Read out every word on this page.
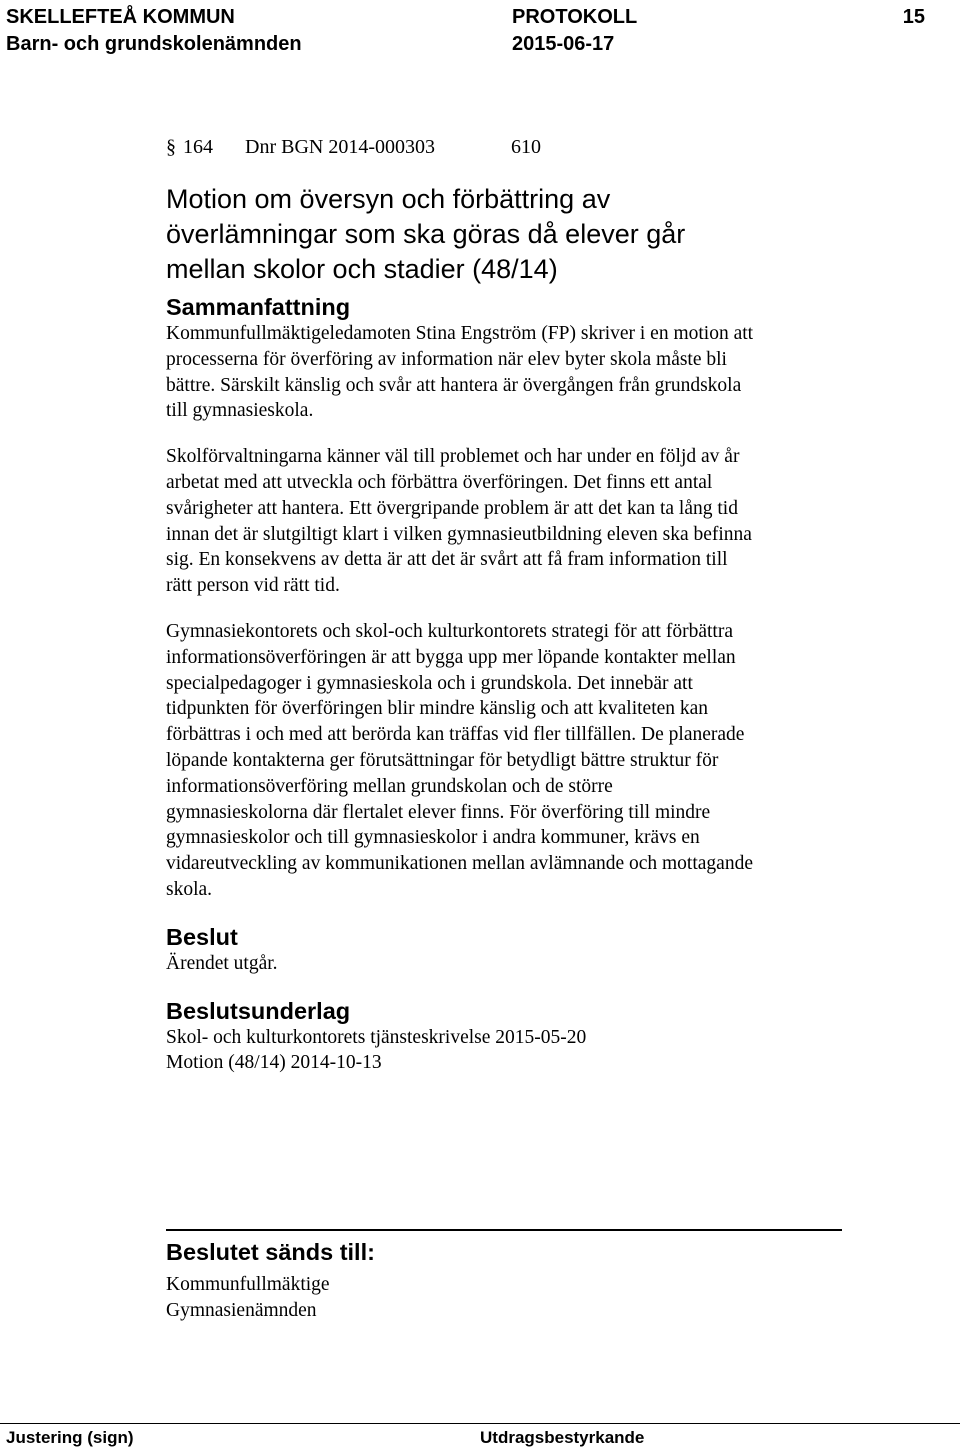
SKELLEFTEÅ KOMMUN
Barn- och grundskolenämnden
PROTOKOLL
2015-06-17
15
§ 164	Dnr BGN 2014-000303	610

Motion om översyn och förbättring av

överlämningar som ska göras då elever går

mellan skolor och stadier (48/14)

Sammanfattning

Kommunfullmäktigeledamoten Stina Engström (FP) skriver i en motion att

processerna för överföring av information när elev byter skola måste bli

bättre. Särskilt känslig och svår att hantera är övergången från grundskola

till gymnasieskola.

Skolförvaltningarna känner väl till problemet och har under en följd av år

arbetat med att utveckla och förbättra överföringen. Det finns ett antal

svårigheter att hantera. Ett övergripande problem är att det kan ta lång tid

innan det är slutgiltigt klart i vilken gymnasieutbildning eleven ska befinna

sig. En konsekvens av detta är att det är svårt att få fram information till

rätt person vid rätt tid.

Gymnasiekontorets och skol-och kulturkontorets strategi för att förbättra

informationsöverföringen är att bygga upp mer löpande kontakter mellan

specialpedagoger i gymnasieskola och i grundskola. Det innebär att

tidpunkten för överföringen blir mindre känslig och att kvaliteten kan

förbättras i och med att berörda kan träffas vid fler tillfällen. De planerade

löpande kontakterna ger förutsättningar för betydligt bättre struktur för

informationsöverföring mellan grundskolan och de större

gymnasieskolorna där flertalet elever finns. För överföring till mindre

gymnasieskolor och till gymnasieskolor i andra kommuner, krävs en

vidareutveckling av kommunikationen mellan avlämnande och mottagande

skola.

Beslut

Ärendet utgår.

Beslutsunderlag

Skol- och kulturkontorets tjänsteskrivelse 2015-05-20

Motion (48/14) 2014-10-13

Beslutet sänds till:

Kommunfullmäktige

Gymnasienämnden

Justering (sign)	Utdragsbestyrkande
